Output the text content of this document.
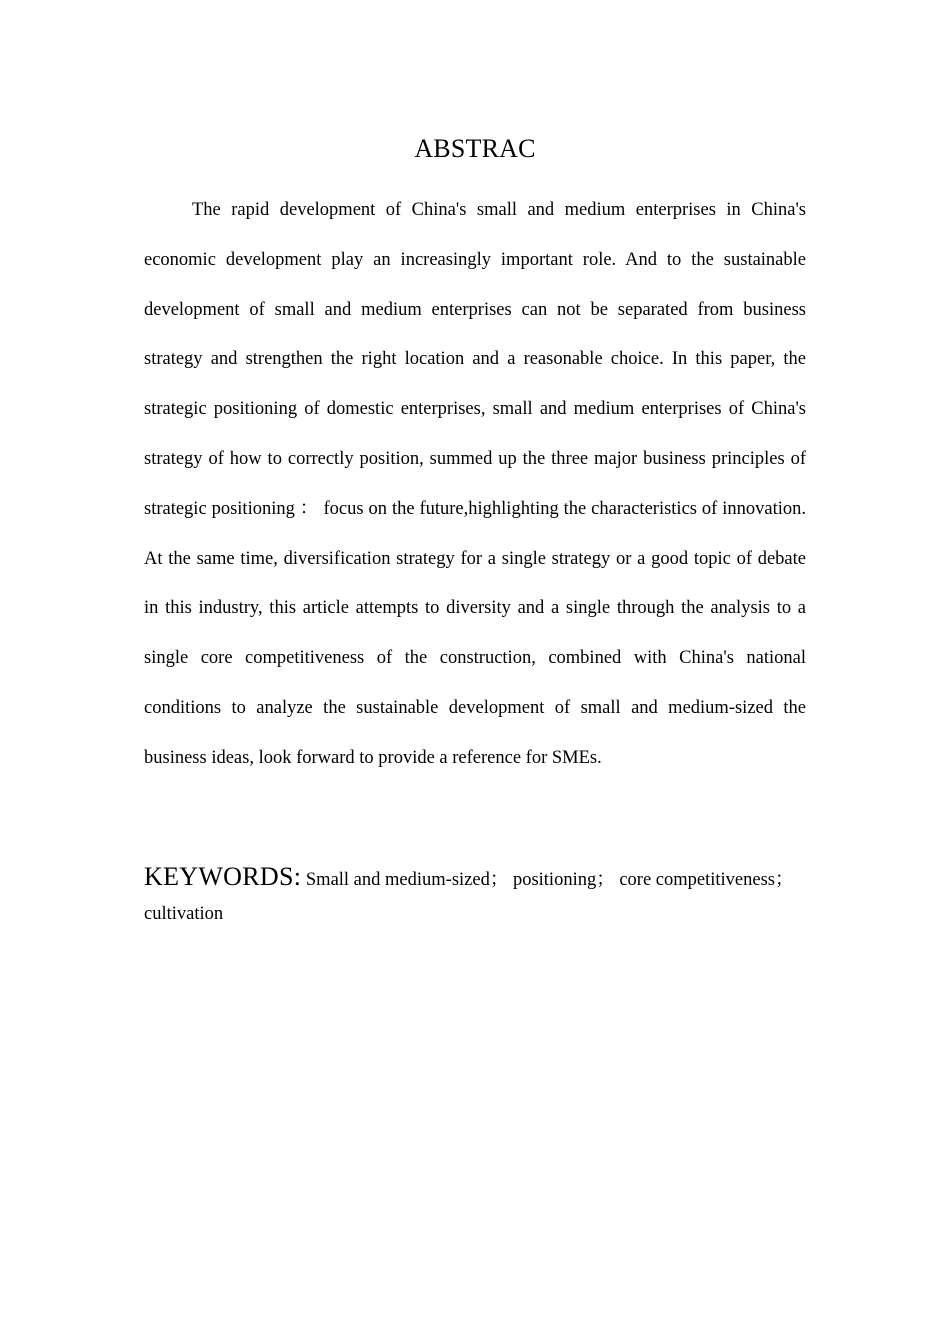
ABSTRAC

The rapid development of China's small and medium enterprises in China's economic development play an increasingly important role. And to the sustainable development of small and medium enterprises can not be separated from business strategy and strengthen the right location and a reasonable choice. In this paper, the strategic positioning of domestic enterprises, small and medium enterprises of China's strategy of how to correctly position, summed up the three major business principles of strategic positioning ： focus on the future,highlighting the characteristics of innovation. At the same time, diversification strategy for a single strategy or a good topic of debate in this industry, this article attempts to diversity and a single through the analysis to a single core competitiveness of the construction, combined with China's national conditions to analyze the sustainable development of small and medium-sized the business ideas, look forward to provide a reference for SMEs.

KEYWORDS: Small and medium-sized； positioning； core competitiveness；cultivation
